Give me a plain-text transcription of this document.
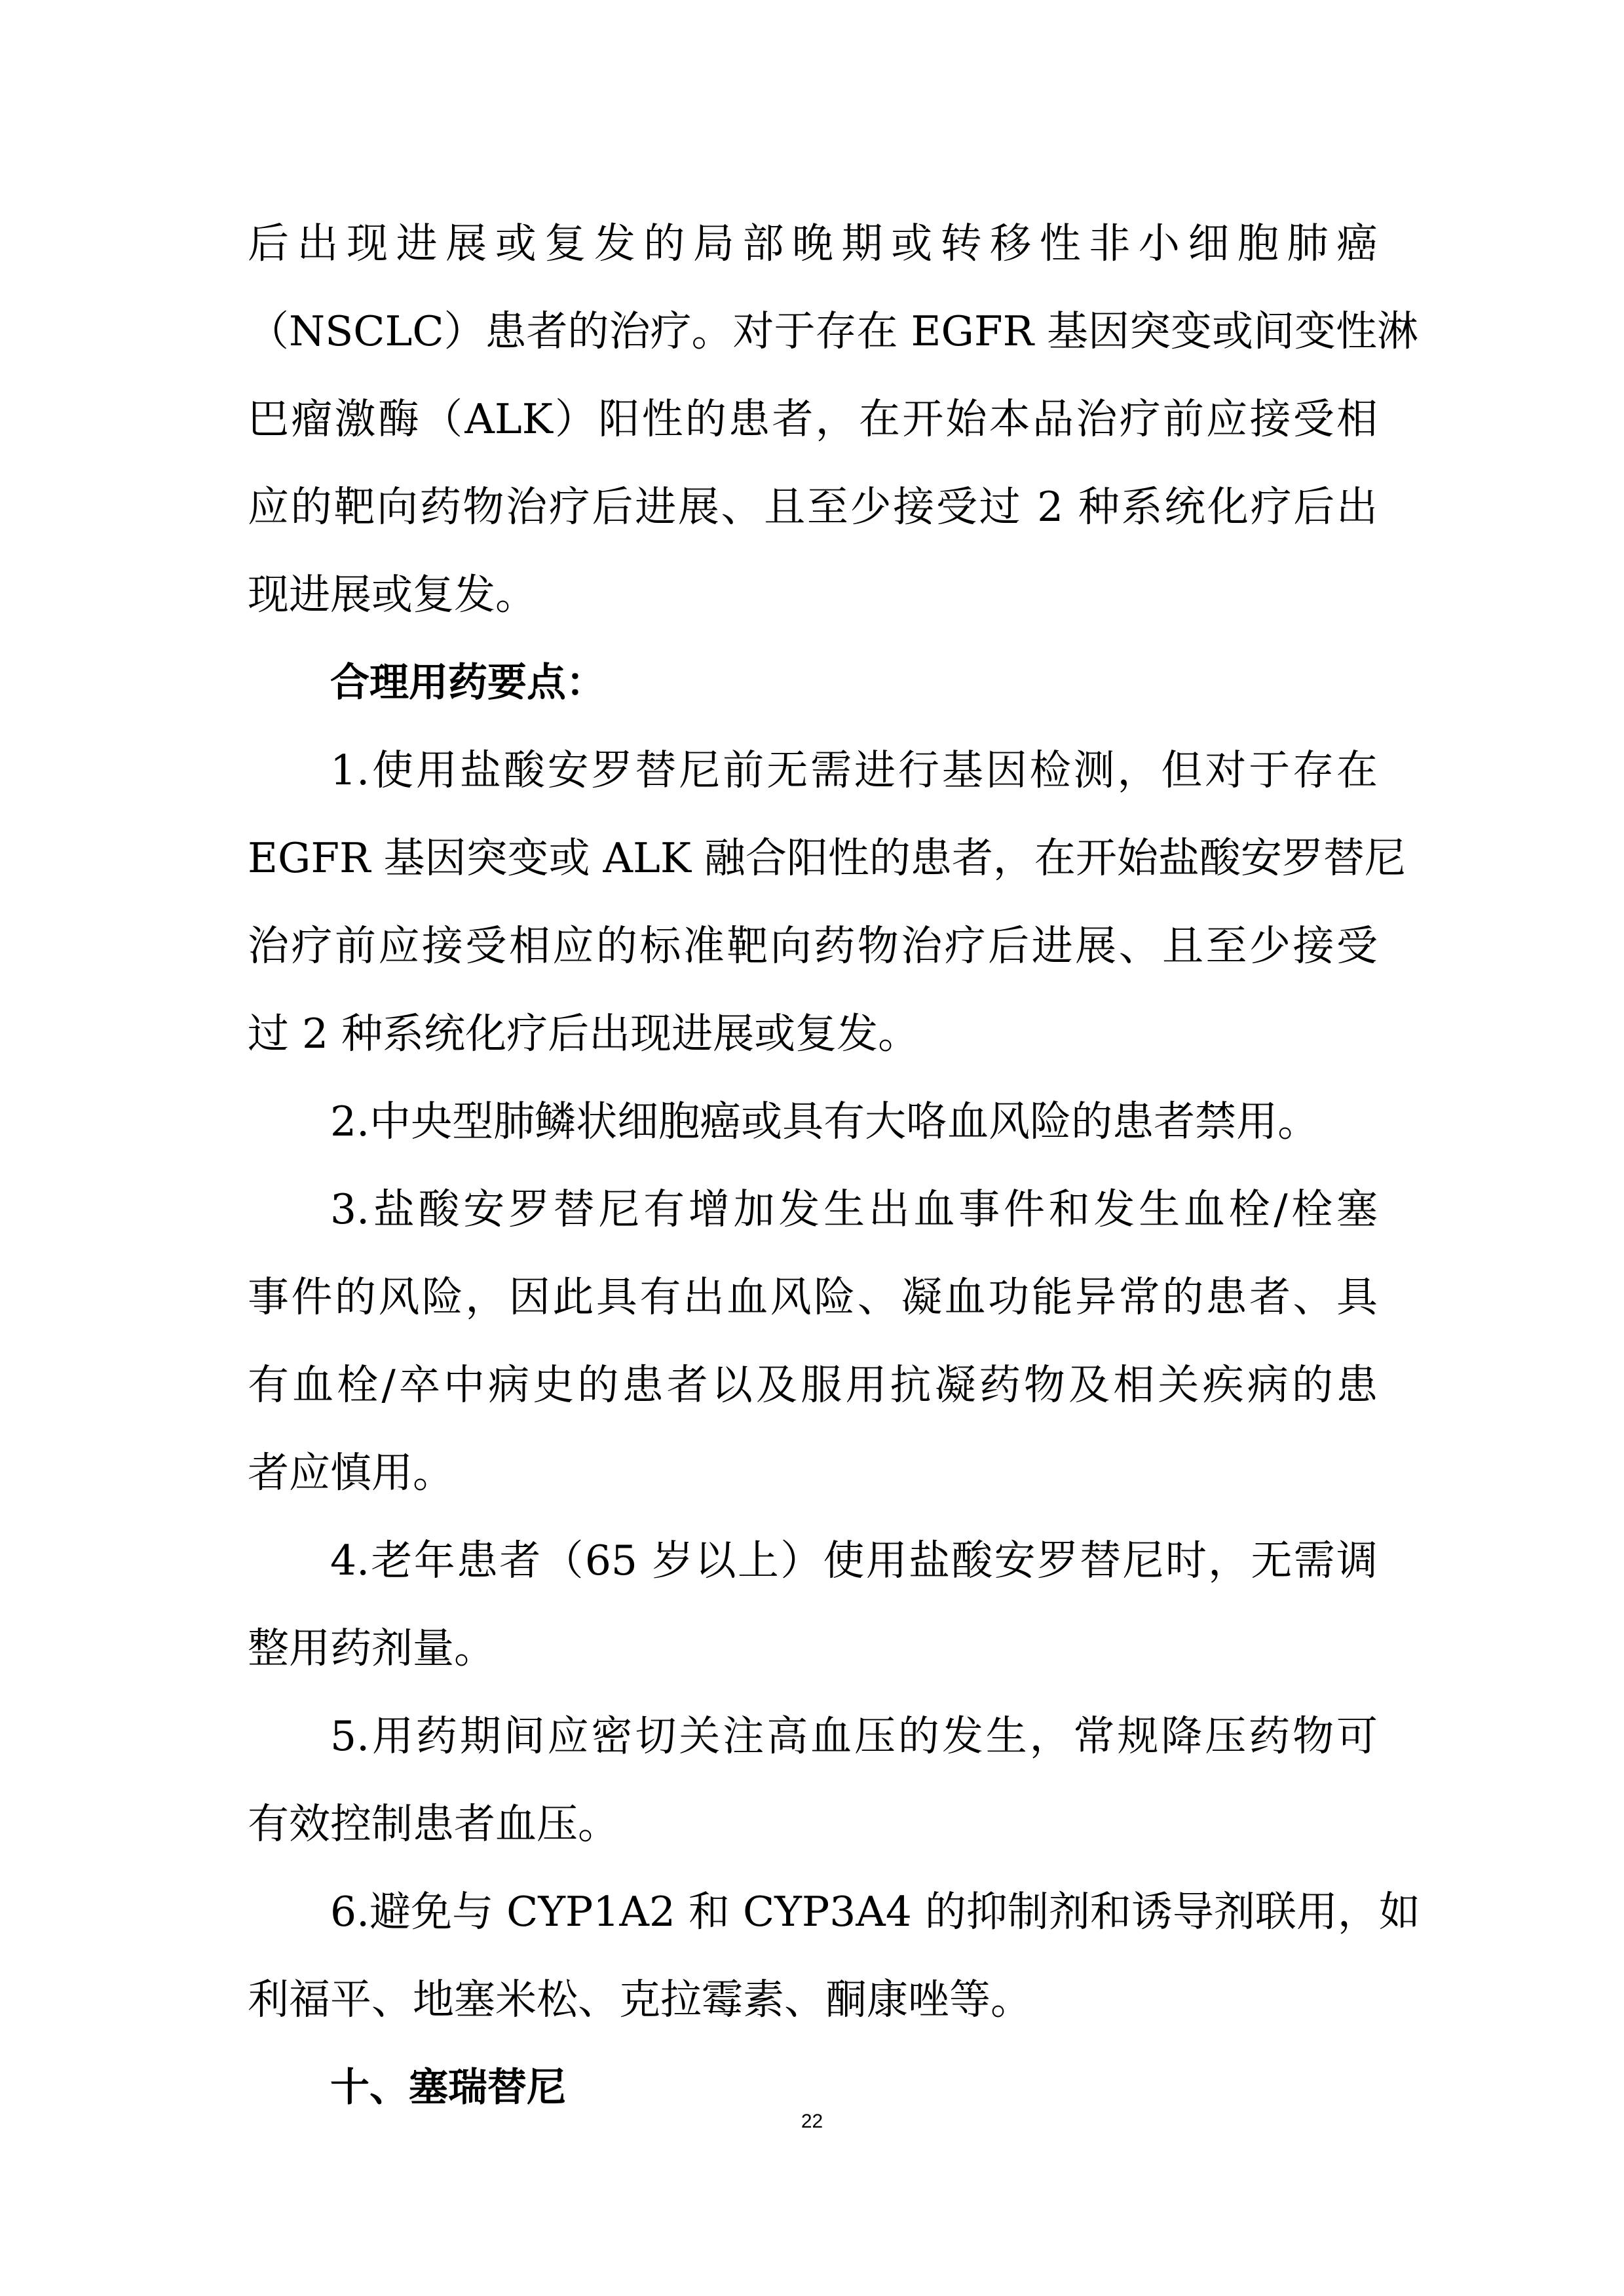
后出现进展或复发的局部晚期或转移性非小细胞肺癌
（NSCLC）患者的治疗。对于存在 EGFR 基因突变或间变性淋
巴瘤激酶（ALK）阳性的患者，在开始本品治疗前应接受相
应的靶向药物治疗后进展、且至少接受过 2 种系统化疗后出
现进展或复发。
合理用药要点：
1.使用盐酸安罗替尼前无需进行基因检测，但对于存在
EGFR 基因突变或 ALK 融合阳性的患者，在开始盐酸安罗替尼
治疗前应接受相应的标准靶向药物治疗后进展、且至少接受
过 2 种系统化疗后出现进展或复发。
2.中央型肺鳞状细胞癌或具有大咯血风险的患者禁用。
3.盐酸安罗替尼有增加发生出血事件和发生血栓/栓塞
事件的风险，因此具有出血风险、凝血功能异常的患者、具
有血栓/卒中病史的患者以及服用抗凝药物及相关疾病的患
者应慎用。
4.老年患者（65 岁以上）使用盐酸安罗替尼时，无需调
整用药剂量。
5.用药期间应密切关注高血压的发生，常规降压药物可
有效控制患者血压。
6.避免与 CYP1A2 和 CYP3A4 的抑制剂和诱导剂联用，如
利福平、地塞米松、克拉霉素、酮康唑等。
十、塞瑞替尼
22
